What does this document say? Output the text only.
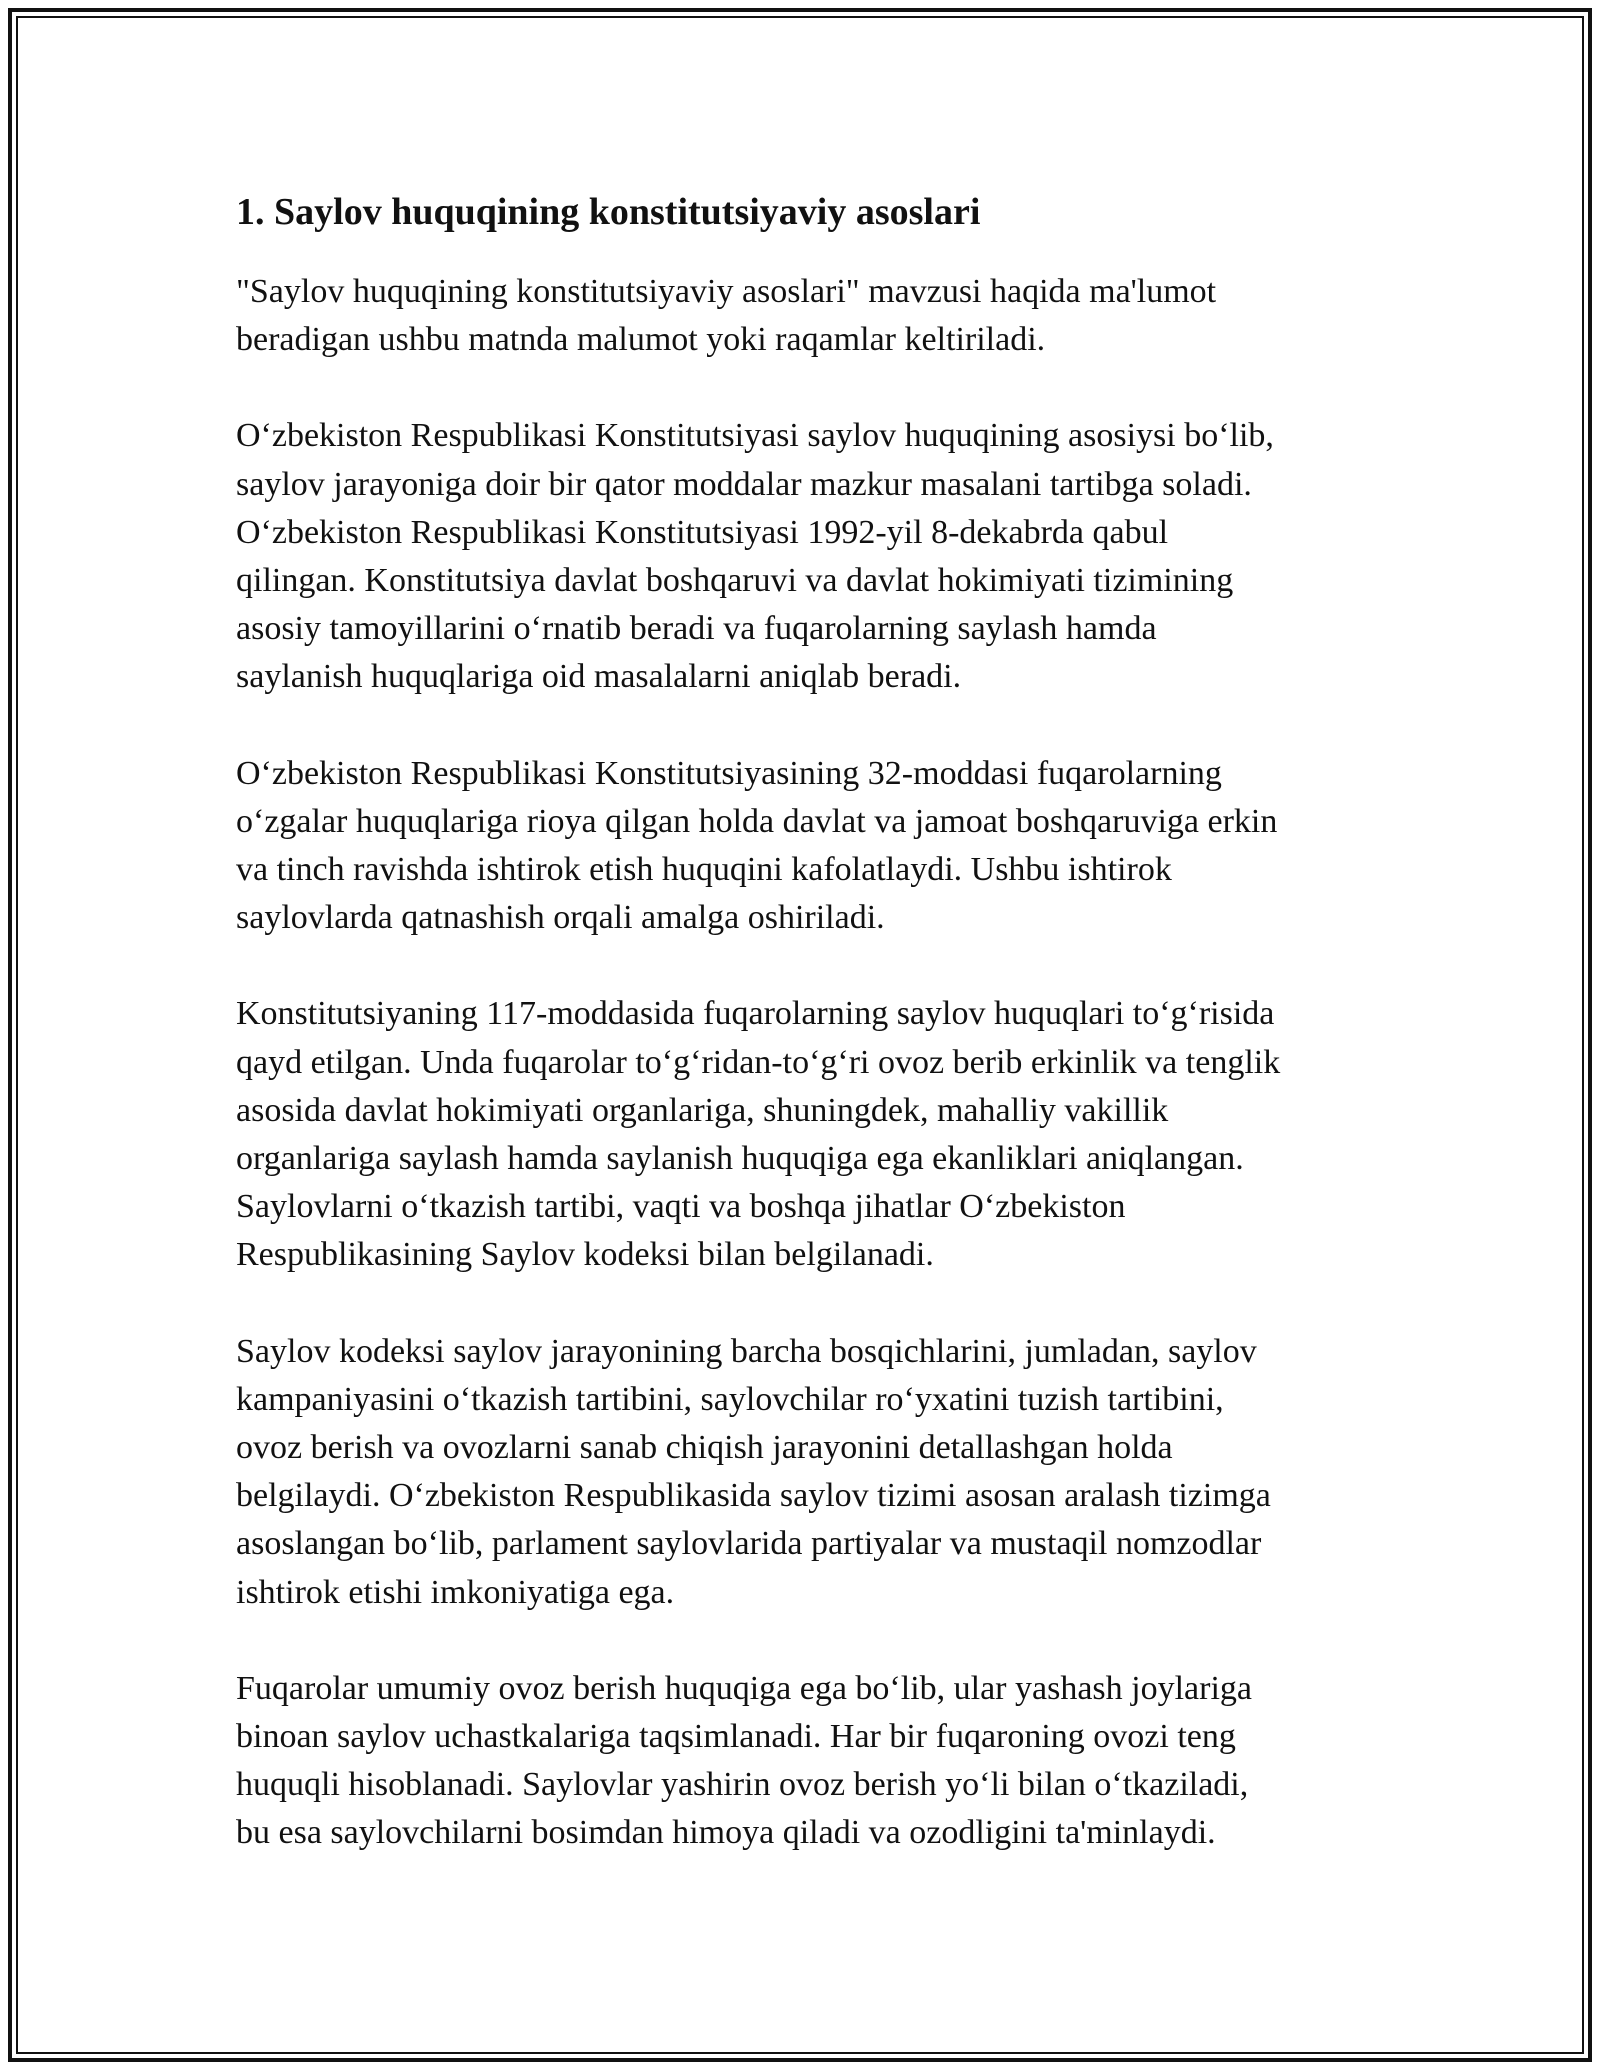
1. Saylov huquqining konstitutsiyaviy asoslari
"Saylov huquqining konstitutsiyaviy asoslari" mavzusi haqida ma'lumot
beradigan ushbu matnda malumot yoki raqamlar keltiriladi.
O‘zbekiston Respublikasi Konstitutsiyasi saylov huquqining asosiysi bo‘lib,
saylov jarayoniga doir bir qator moddalar mazkur masalani tartibga soladi.
O‘zbekiston Respublikasi Konstitutsiyasi 1992-yil 8-dekabrda qabul
qilingan. Konstitutsiya davlat boshqaruvi va davlat hokimiyati tizimining
asosiy tamoyillarini o‘rnatib beradi va fuqarolarning saylash hamda
saylanish huquqlariga oid masalalarni aniqlab beradi.
O‘zbekiston Respublikasi Konstitutsiyasining 32-moddasi fuqarolarning
o‘zgalar huquqlariga rioya qilgan holda davlat va jamoat boshqaruviga erkin
va tinch ravishda ishtirok etish huquqini kafolatlaydi. Ushbu ishtirok
saylovlarda qatnashish orqali amalga oshiriladi.
Konstitutsiyaning 117-moddasida fuqarolarning saylov huquqlari to‘g‘risida
qayd etilgan. Unda fuqarolar to‘g‘ridan-to‘g‘ri ovoz berib erkinlik va tenglik
asosida davlat hokimiyati organlariga, shuningdek, mahalliy vakillik
organlariga saylash hamda saylanish huquqiga ega ekanliklari aniqlangan.
Saylovlarni o‘tkazish tartibi, vaqti va boshqa jihatlar O‘zbekiston
Respublikasining Saylov kodeksi bilan belgilanadi.
Saylov kodeksi saylov jarayonining barcha bosqichlarini, jumladan, saylov
kampaniyasini o‘tkazish tartibini, saylovchilar ro‘yxatini tuzish tartibini,
ovoz berish va ovozlarni sanab chiqish jarayonini detallashgan holda
belgilaydi. O‘zbekiston Respublikasida saylov tizimi asosan aralash tizimga
asoslangan bo‘lib, parlament saylovlarida partiyalar va mustaqil nomzodlar
ishtirok etishi imkoniyatiga ega.
Fuqarolar umumiy ovoz berish huquqiga ega bo‘lib, ular yashash joylariga
binoan saylov uchastkalariga taqsimlanadi. Har bir fuqaroning ovozi teng
huquqli hisoblanadi. Saylovlar yashirin ovoz berish yo‘li bilan o‘tkaziladi,
bu esa saylovchilarni bosimdan himoya qiladi va ozodligini ta'minlaydi.
